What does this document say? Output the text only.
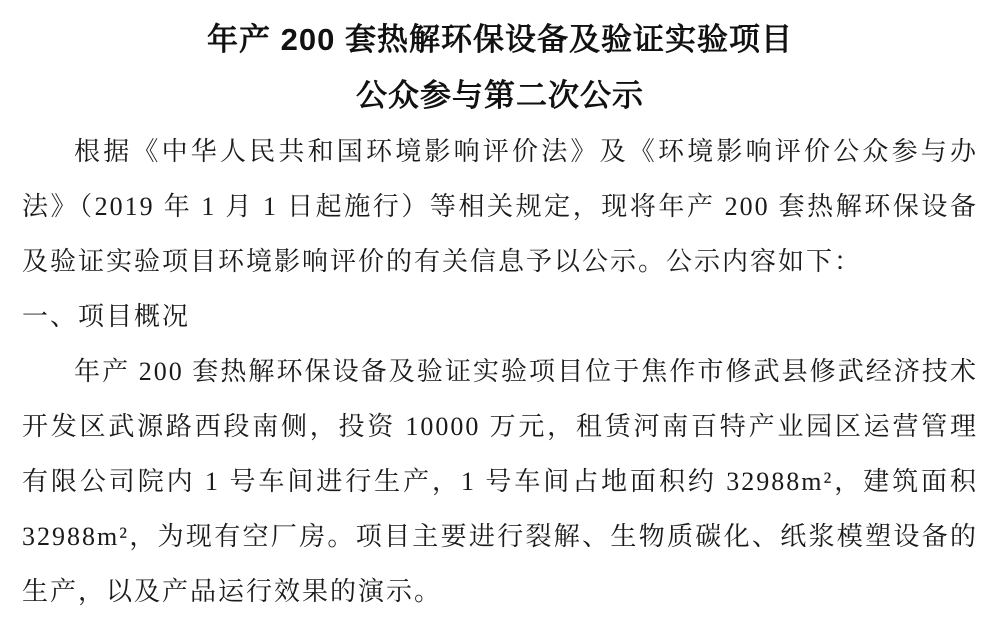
年产 200 套热解环保设备及验证实验项目
公众参与第二次公示

根据《中华人民共和国环境影响评价法》及《环境影响评价公众参与办法》（2019 年 1 月 1 日起施行）等相关规定，现将年产 200 套热解环保设备及验证实验项目环境影响评价的有关信息予以公示。公示内容如下：

一、项目概况

年产 200 套热解环保设备及验证实验项目位于焦作市修武县修武经济技术开发区武源路西段南侧，投资 10000 万元，租赁河南百特产业园区运营管理有限公司院内 1 号车间进行生产，1 号车间占地面积约 32988m²，建筑面积 32988m²，为现有空厂房。项目主要进行裂解、生物质碳化、纸浆模塑设备的生产，以及产品运行效果的演示。
